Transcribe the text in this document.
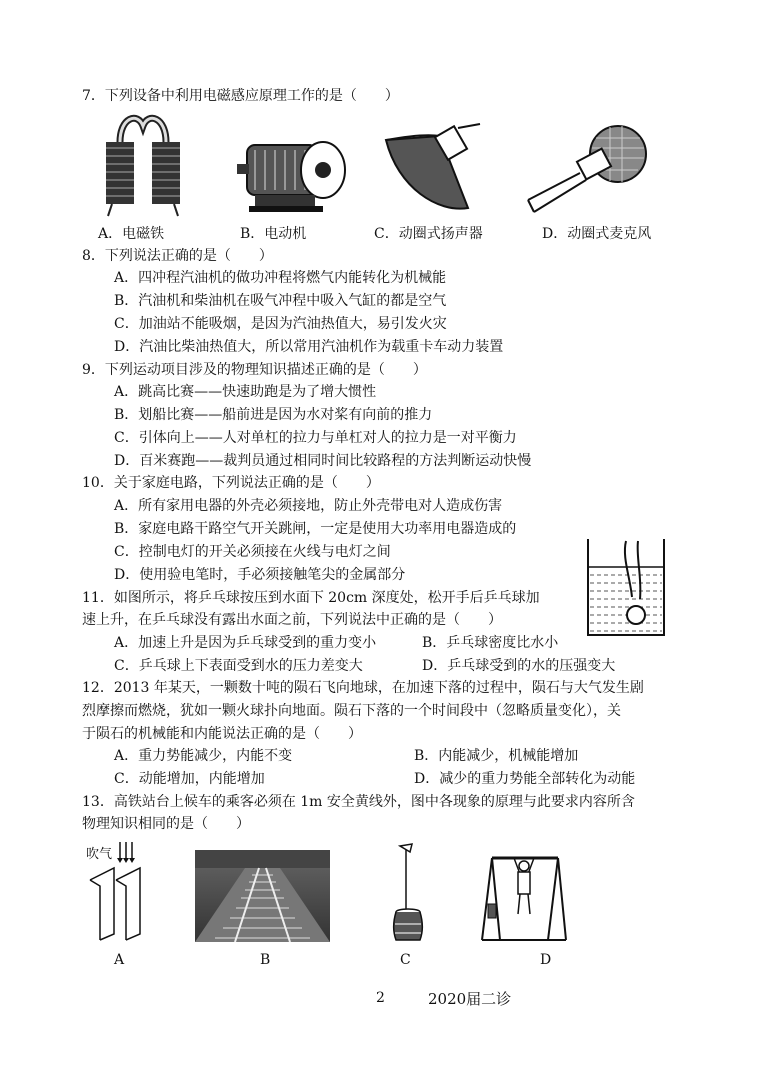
7．下列设备中利用电磁感应原理工作的是（　　）
A．电磁铁	B．电动机	C．动圈式扬声器	D．动圈式麦克风
8．下列说法正确的是（　　）
A．四冲程汽油机的做功冲程将燃气内能转化为机械能
B．汽油机和柴油机在吸气冲程中吸入气缸的都是空气
C．加油站不能吸烟，是因为汽油热值大，易引发火灾
D．汽油比柴油热值大，所以常用汽油机作为载重卡车动力装置
9．下列运动项目涉及的物理知识描述正确的是（　　）
A．跳高比赛——快速助跑是为了增大惯性
B．划船比赛——船前进是因为水对桨有向前的推力
C．引体向上——人对单杠的拉力与单杠对人的拉力是一对平衡力
D．百米赛跑——裁判员通过相同时间比较路程的方法判断运动快慢
10．关于家庭电路，下列说法正确的是（　　）
A．所有家用电器的外壳必须接地，防止外壳带电对人造成伤害
B．家庭电路干路空气开关跳闸，一定是使用大功率用电器造成的
C．控制电灯的开关必须接在火线与电灯之间
D．使用验电笔时，手必须接触笔尖的金属部分
11．如图所示，将乒乓球按压到水面下 20cm 深度处，松开手后乒乓球加
速上升，在乒乓球没有露出水面之前，下列说法中正确的是（　　）
A．加速上升是因为乒乓球受到的重力变小	B．乒乓球密度比水小
C．乒乓球上下表面受到水的压力差变大	D．乒乓球受到的水的压强变大
12．2013 年某天，一颗数十吨的陨石飞向地球，在加速下落的过程中，陨石与大气发生剧
烈摩擦而燃烧，犹如一颗火球扑向地面。陨石下落的一个时间段中（忽略质量变化），关
于陨石的机械能和内能说法正确的是（　　）
A．重力势能减少，内能不变	B．内能减少，机械能增加
C．动能增加，内能增加	D．减少的重力势能全部转化为动能
13．高铁站台上候车的乘客必须在 1m 安全黄线外，图中各现象的原理与此要求内容所含
物理知识相同的是（　　）
吹气
A	B	C	D
2	2020届二诊
